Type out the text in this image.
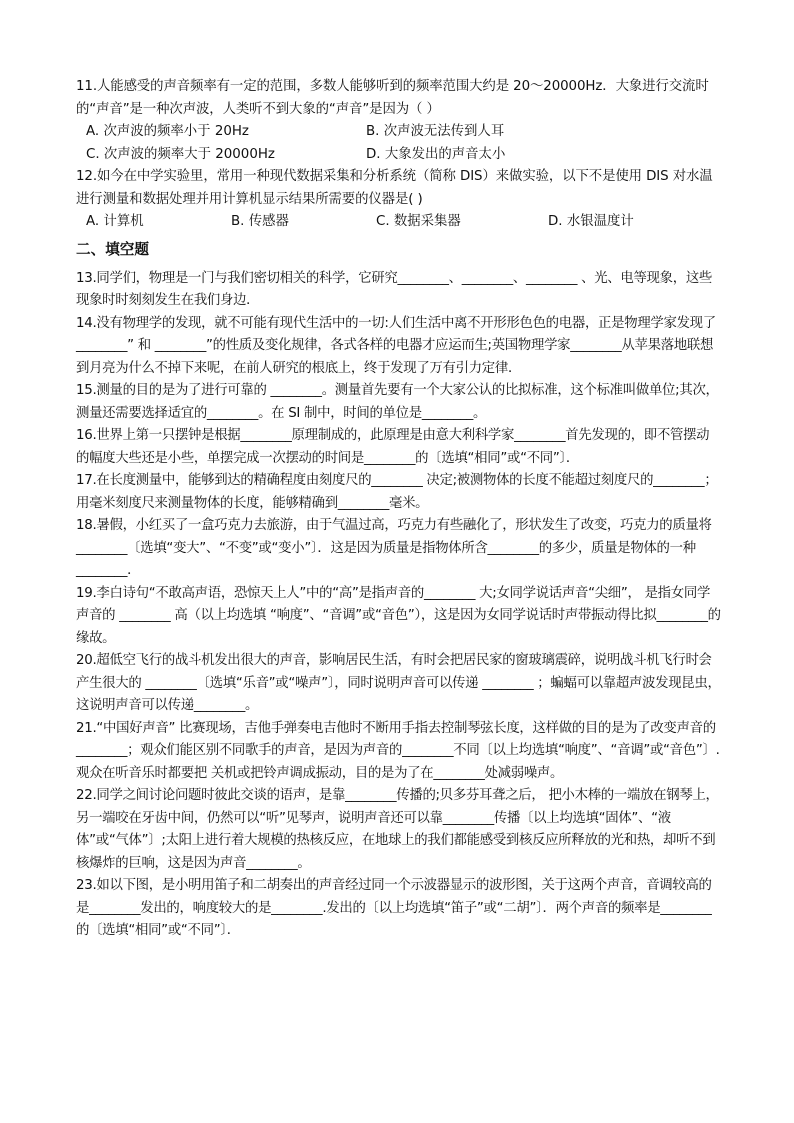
11.人能感受的声音频率有一定的范围，多数人能够听到的频率范围大约是 20～20000Hz．大象进行交流时的“声音”是一种次声波，人类听不到大象的“声音”是因为（ ）

A. 次声波的频率小于 20Hz	B. 次声波无法传到人耳
C. 次声波的频率大于 20000Hz	D. 大象发出的声音太小

12.如今在中学实验里，常用一种现代数据采集和分析系统（简称 DIS）来做实验，以下不是使用 DIS 对水温进行测量和数据处理并用计算机显示结果所需要的仪器是( )

A. 计算机	B. 传感器	C. 数据采集器	D. 水银温度计

二、填空题

13.同学们，物理是一门与我们密切相关的科学，它研究________、________、________ 、光、电等现象，这些现象时时刻刻发生在我们身边．

14.没有物理学的发现，就不可能有现代生活中的一切:人们生活中离不开形形色色的电器，正是物理学家发现了________” 和 ________”的性质及变化规律，各式各样的电器才应运而生;英国物理学家________从苹果落地联想到月亮为什么不掉下来呢，在前人研究的根底上，终于发现了万有引力定律．

15.测量的目的是为了进行可靠的 ________。测量首先要有一个大家公认的比拟标准，这个标准叫做单位;其次，测量还需要选择适宜的________。在 SI 制中，时间的单位是________。

16.世界上第一只摆钟是根据________原理制成的，此原理是由意大利科学家________首先发现的，即不管摆动的幅度大些还是小些，单摆完成一次摆动的时间是________的〔选填“相同”或“不同”〕．

17.在长度测量中，能够到达的精确程度由刻度尺的________ 决定;被测物体的长度不能超过刻度尺的________；用毫米刻度尺来测量物体的长度，能够精确到________毫米。

18.暑假，小红买了一盒巧克力去旅游，由于气温过高，巧克力有些融化了，形状发生了改变，巧克力的质量将________〔选填“变大”、“不变”或“变小”〕．这是因为质量是指物体所含________的多少，质量是物体的一种________．

19.李白诗句“不敢高声语，恐惊天上人”中的“高”是指声音的________ 大;女同学说话声音“尖细”， 是指女同学声音的 ________ 高（以上均选填 “响度”、“音调”或“音色”），这是因为女同学说话时声带振动得比拟________的缘故。

20.超低空飞行的战斗机发出很大的声音，影响居民生活，有时会把居民家的窗玻璃震碎，说明战斗机飞行时会产生很大的 ________〔选填“乐音”或“噪声”〕，同时说明声音可以传递 ________ ；蝙蝠可以靠超声波发现昆虫，这说明声音可以传递________。

21.“中国好声音” 比赛现场，吉他手弹奏电吉他时不断用手指去控制琴弦长度，这样做的目的是为了改变声音的________；观众们能区别不同歌手的声音，是因为声音的________不同〔以上均选填“响度”、“音调”或“音色”〕.观众在听音乐时都要把 关机或把铃声调成振动，目的是为了在________处减弱噪声。

22.同学之间讨论问题时彼此交谈的语声，是靠________传播的;贝多芬耳聋之后， 把小木棒的一端放在钢琴上，另一端咬在牙齿中间，仍然可以“听”见琴声，说明声音还可以靠________传播〔以上均选填“固体”、“液体”或“气体”〕;太阳上进行着大规模的热核反应，在地球上的我们都能感受到核反应所释放的光和热，却听不到核爆炸的巨响，这是因为声音________。

23.如以下图，是小明用笛子和二胡奏出的声音经过同一个示波器显示的波形图，关于这两个声音，音调较高的是________发出的，响度较大的是________.发出的〔以上均选填“笛子”或“二胡”〕．两个声音的频率是________的〔选填“相同”或“不同”〕．
